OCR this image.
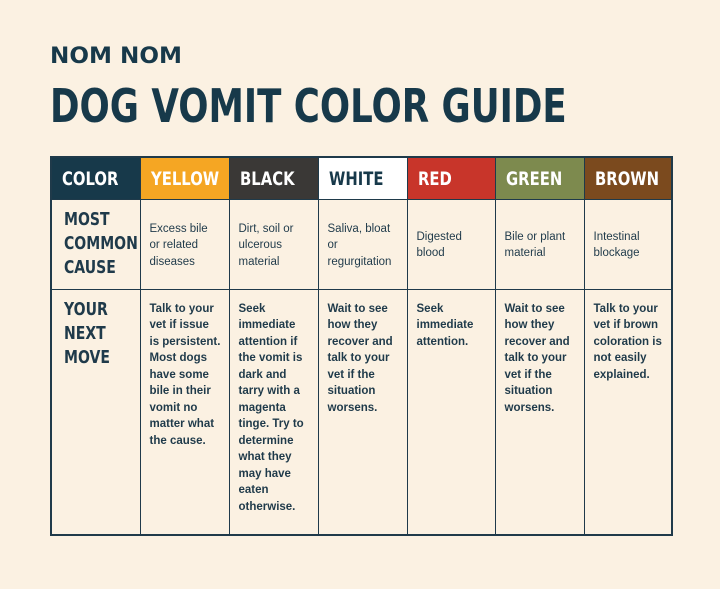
NOM NOM
DOG VOMIT COLOR GUIDE
COLOR	YELLOW	BLACK	WHITE	RED	GREEN	BROWN

MOST
COMMON
CAUSE	Excess bile or related diseases	Dirt, soil or ulcerous material	Saliva, bloat or regurgitation	Digested blood	Bile or plant material	Intestinal blockage

YOUR
NEXT
MOVE	Talk to your vet if issue is persistent. Most dogs have some bile in their vomit no matter what the cause.	Seek immediate attention if the vomit is dark and tarry with a magenta tinge. Try to determine what they may have eaten otherwise.	Wait to see how they recover and talk to your vet if the situation worsens.	Seek immediate attention.	Wait to see how they recover and talk to your vet if the situation worsens.	Talk to your vet if brown coloration is not easily explained.
